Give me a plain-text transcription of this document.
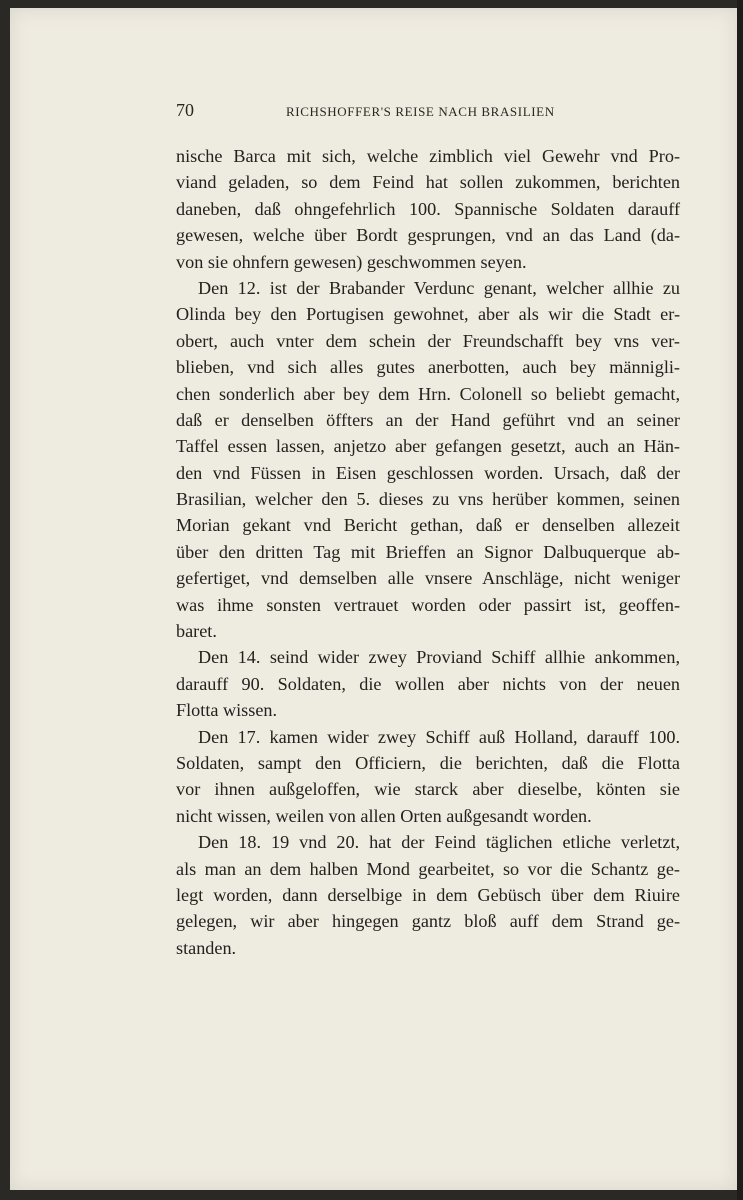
70	RICHSHOFFER'S REISE NACH BRASILIEN
nische Barca mit sich, welche zimblich viel Gewehr vnd Pro-
viand geladen, so dem Feind hat sollen zukommen, berichten
daneben, daß ohngefehrlich 100. Spannische Soldaten darauff
gewesen, welche über Bordt gesprungen, vnd an das Land (da-
von sie ohnfern gewesen) geschwommen seyen.
Den 12. ist der Brabander Verdunc genant, welcher allhie zu
Olinda bey den Portugisen gewohnet, aber als wir die Stadt er-
obert, auch vnter dem schein der Freundschafft bey vns ver-
blieben, vnd sich alles gutes anerbotten, auch bey männigli-
chen sonderlich aber bey dem Hrn. Colonell so beliebt gemacht,
daß er denselben öffters an der Hand geführt vnd an seiner
Taffel essen lassen, anjetzo aber gefangen gesetzt, auch an Hän-
den vnd Füssen in Eisen geschlossen worden. Ursach, daß der
Brasilian, welcher den 5. dieses zu vns herüber kommen, seinen
Morian gekant vnd Bericht gethan, daß er denselben allezeit
über den dritten Tag mit Brieffen an Signor Dalbuquerque ab-
gefertiget, vnd demselben alle vnsere Anschläge, nicht weniger
was ihme sonsten vertrauet worden oder passirt ist, geoffen-
baret.
Den 14. seind wider zwey Proviand Schiff allhie ankommen,
darauff 90. Soldaten, die wollen aber nichts von der neuen
Flotta wissen.
Den 17. kamen wider zwey Schiff auß Holland, darauff 100.
Soldaten, sampt den Officiern, die berichten, daß die Flotta
vor ihnen außgeloffen, wie starck aber dieselbe, könten sie
nicht wissen, weilen von allen Orten außgesandt worden.
Den 18. 19 vnd 20. hat der Feind täglichen etliche verletzt,
als man an dem halben Mond gearbeitet, so vor die Schantz ge-
legt worden, dann derselbige in dem Gebüsch über dem Riuire
gelegen, wir aber hingegen gantz bloß auff dem Strand ge-
standen.
